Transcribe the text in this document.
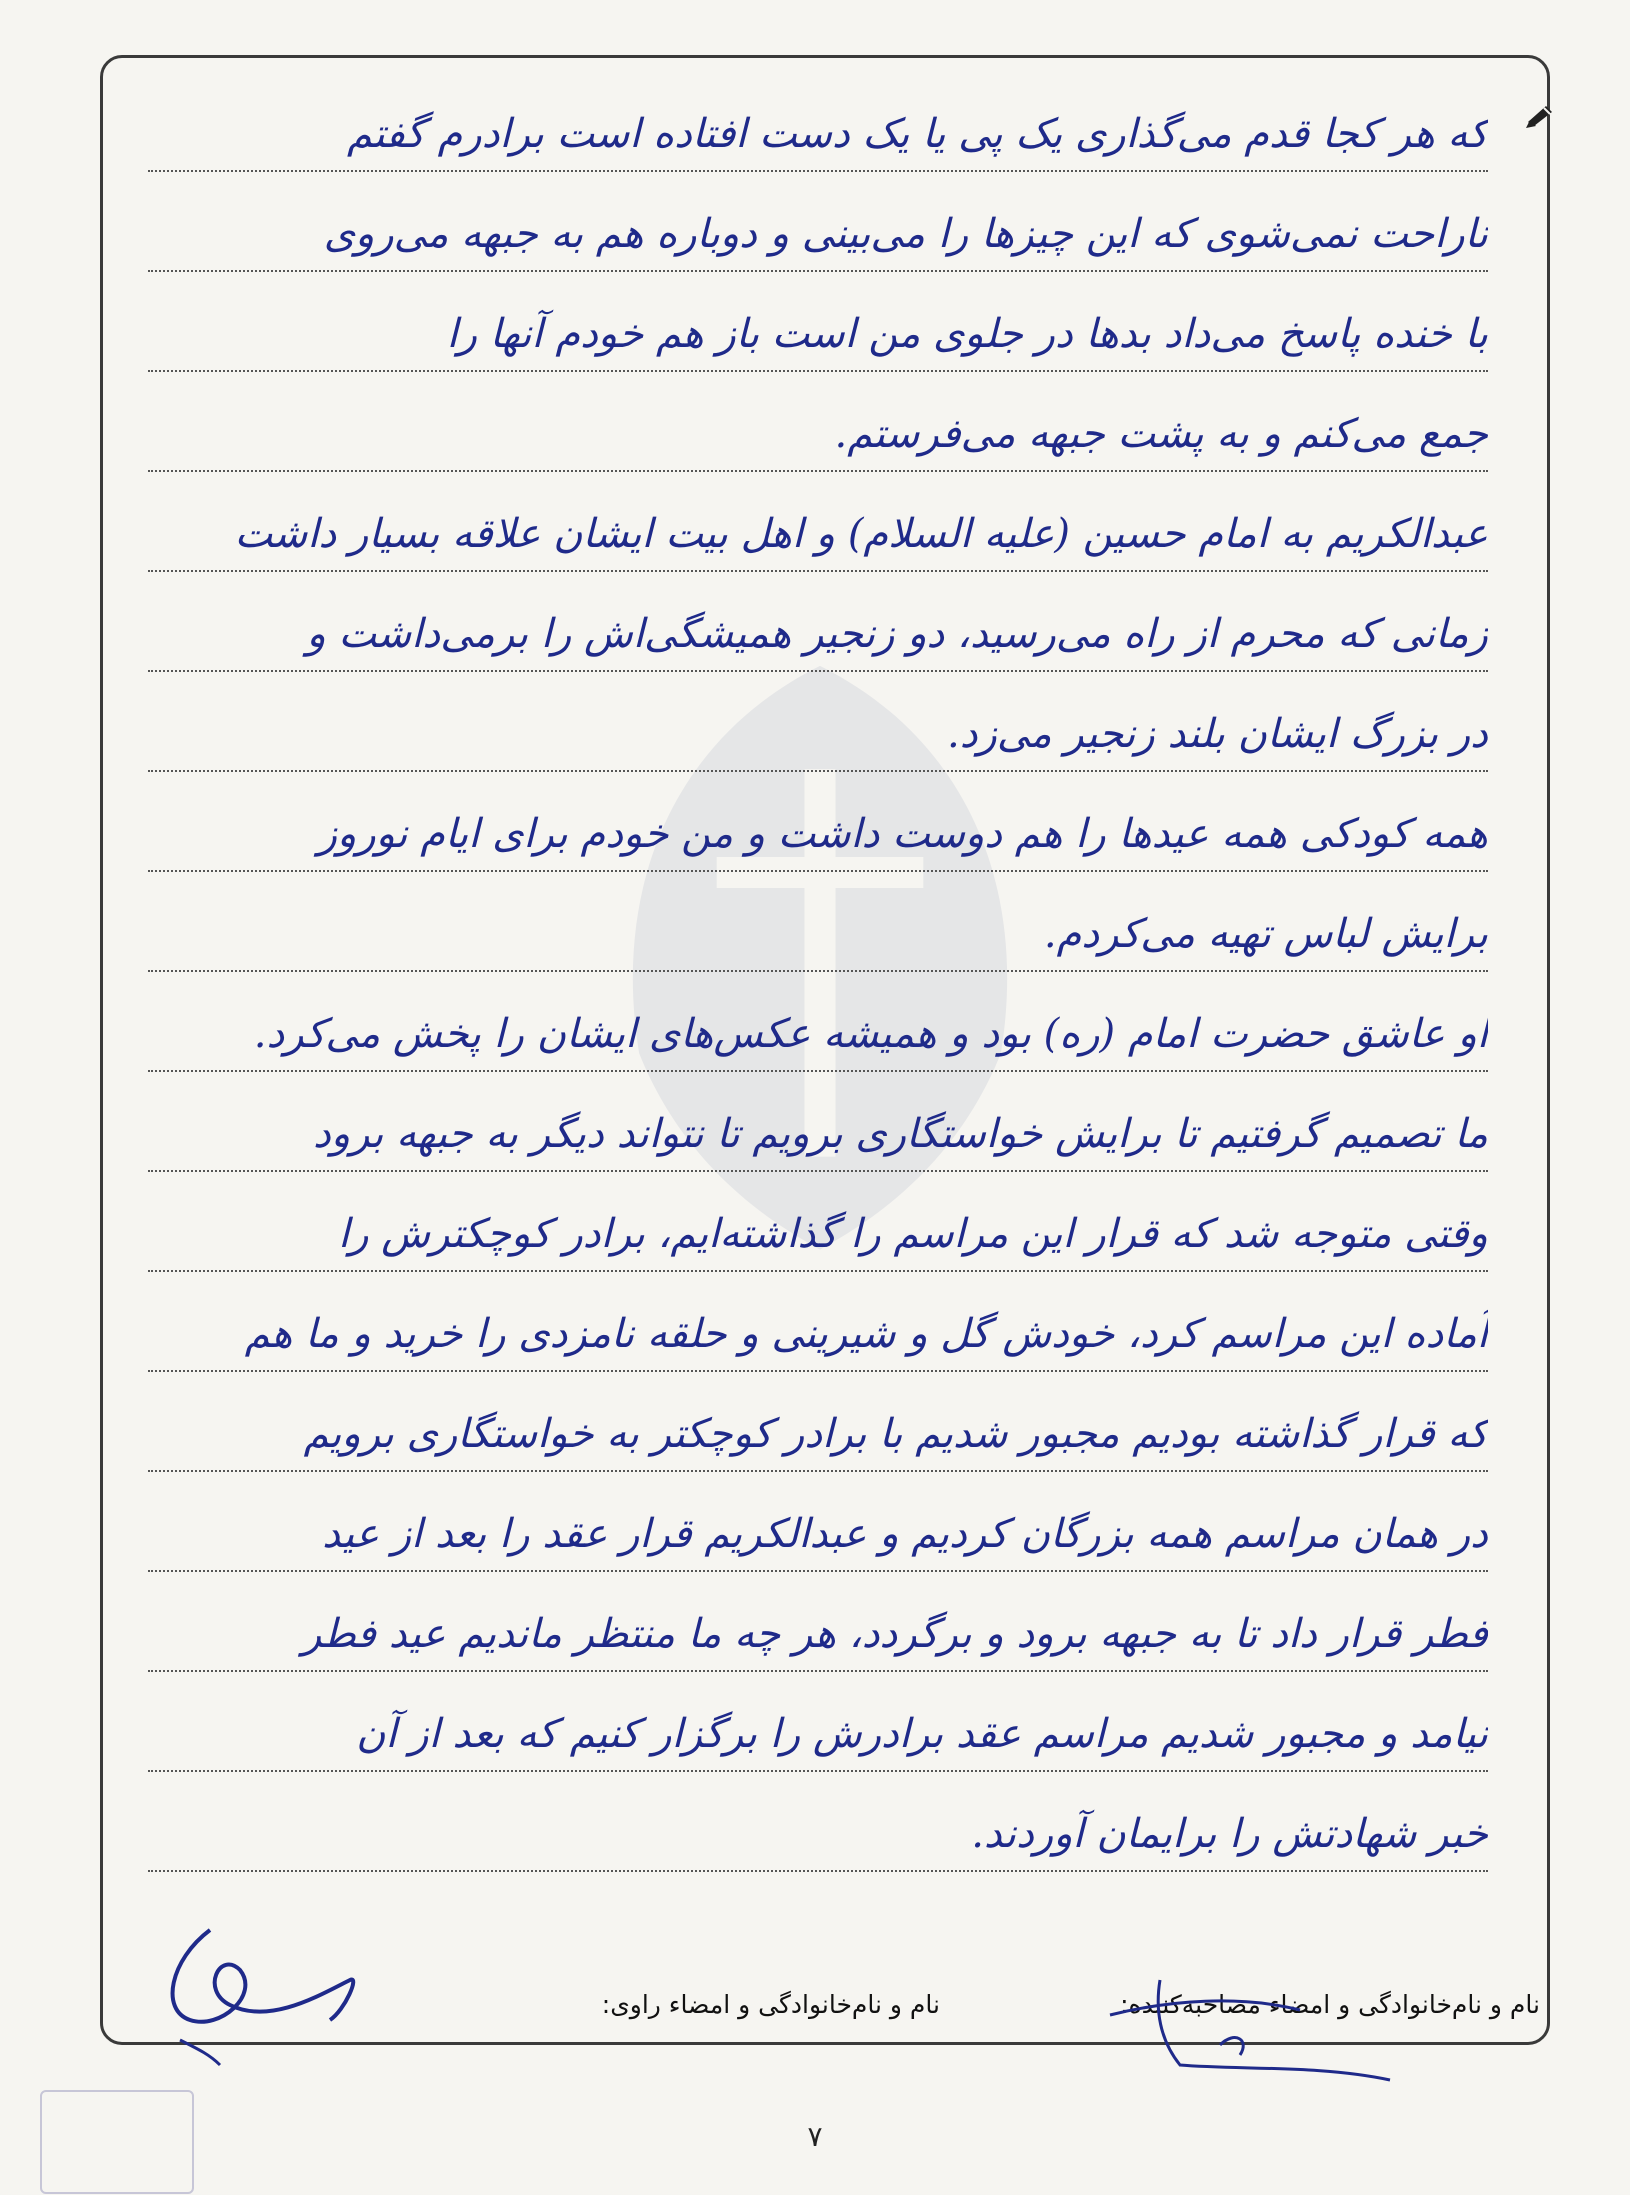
که هر کجا قدم می‌گذاری یک پی یا یک دست افتاده است برادرم گفتم
ناراحت نمی‌شوی که این چیزها را می‌بینی و دوباره هم به جبهه می‌روی
با خنده پاسخ می‌داد بدها در جلوی من است باز هم خودم آنها را
جمع می‌کنم و به پشت جبهه می‌فرستم.
عبدالکریم به امام حسین (علیه السلام) و اهل بیت ایشان علاقه بسیار داشت
زمانی که محرم از راه می‌رسید، دو زنجیر همیشگی‌اش را برمی‌داشت و
در بزرگ ایشان بلند زنجیر می‌زد.
همه کودکی همه عیدها را هم دوست داشت و من خودم برای ایام نوروز
برایش لباس تهیه می‌کردم.
او عاشق حضرت امام (ره) بود و همیشه عکس‌های ایشان را پخش می‌کرد.
ما تصمیم گرفتیم تا برایش خواستگاری برویم تا نتواند دیگر به جبهه برود
وقتی متوجه شد که قرار این مراسم را گذاشته‌ایم، برادر کوچکترش را
آماده این مراسم کرد، خودش گل و شیرینی و حلقه نامزدی را خرید و ما هم
که قرار گذاشته بودیم مجبور شدیم با برادر کوچکتر به خواستگاری برویم
در همان مراسم همه بزرگان کردیم و عبدالکریم قرار عقد را بعد از عید
فطر قرار داد تا به جبهه برود و برگردد، هر چه ما منتظر ماندیم عید فطر
نیامد و مجبور شدیم مراسم عقد برادرش را برگزار کنیم که بعد از آن
خبر شهادتش را برایمان آوردند.
نام و نام‌خانوادگی و امضاء مصاحبه‌کننده:
نام و نام‌خانوادگی و امضاء راوی:
۷
